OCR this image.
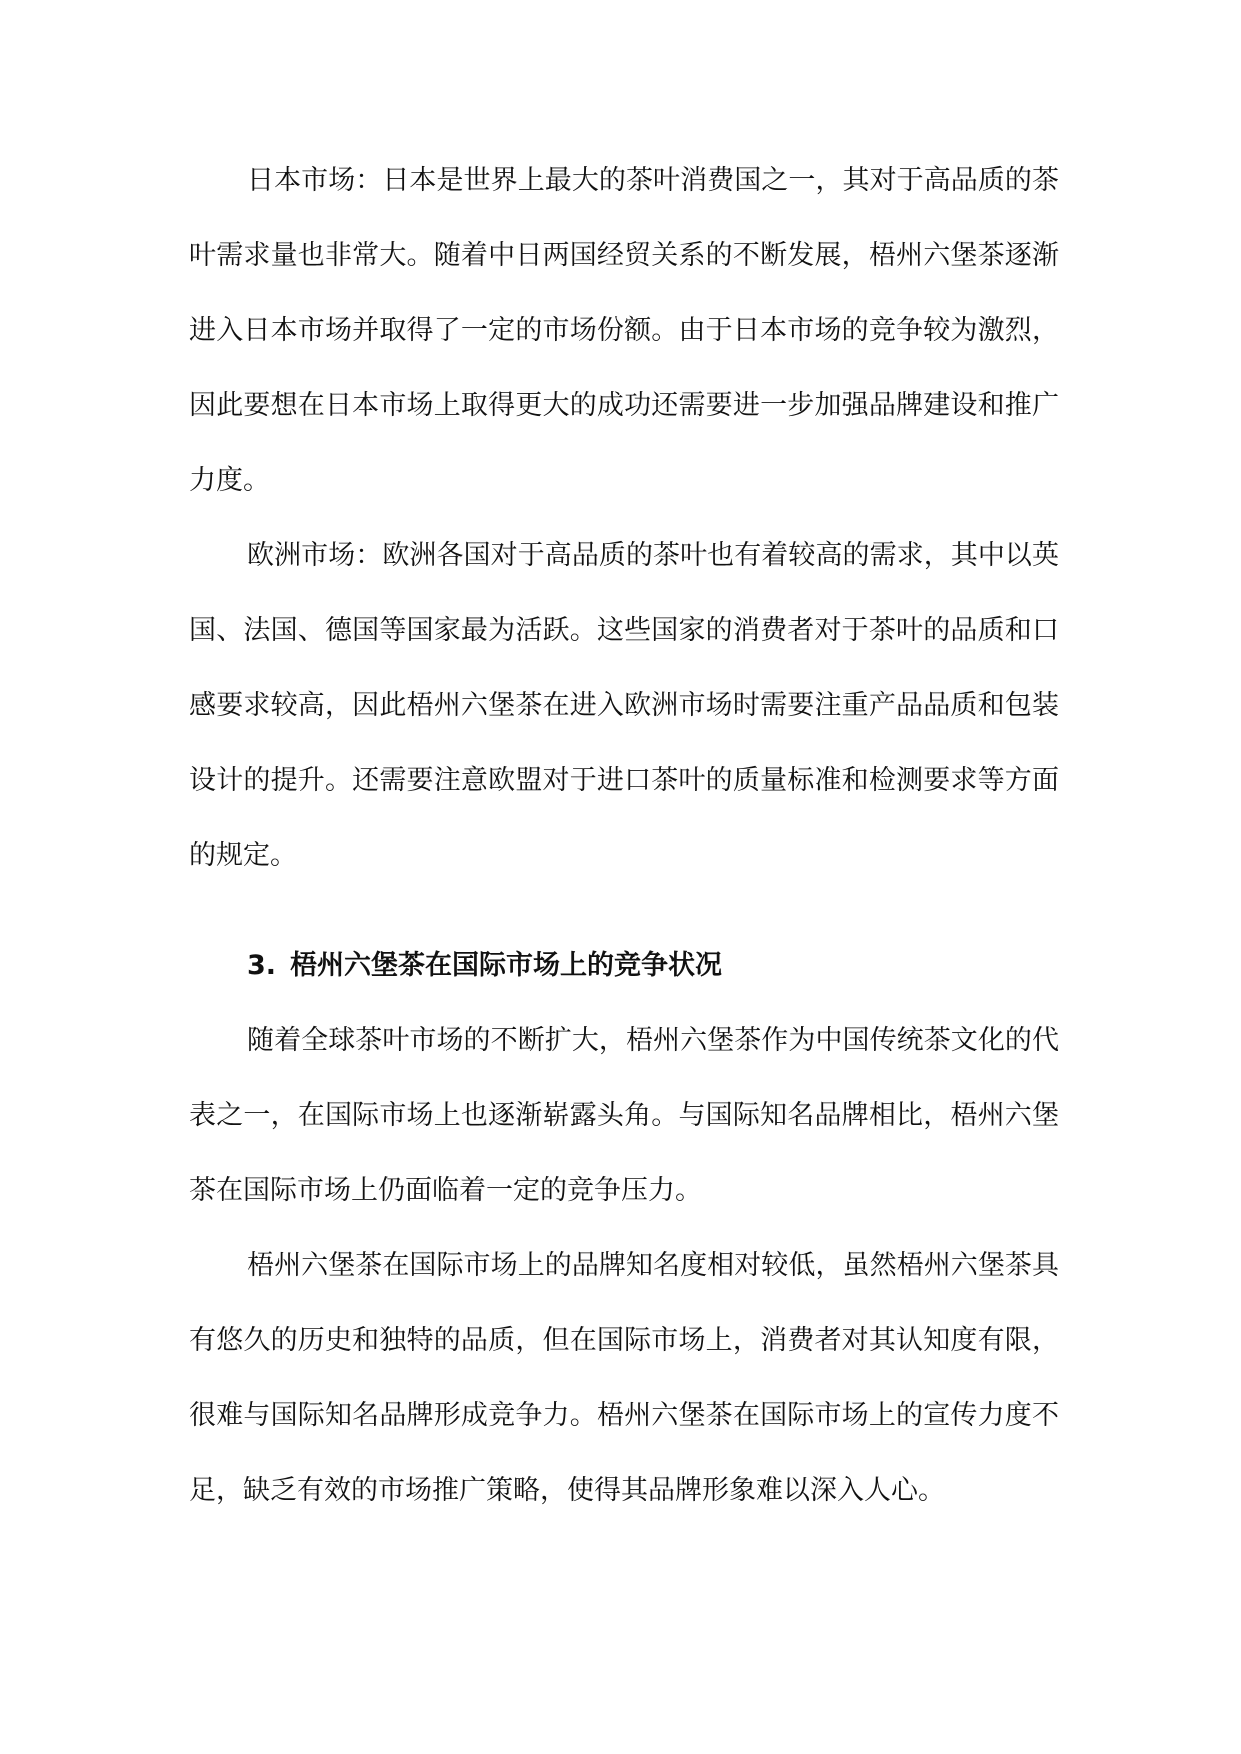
日本市场：日本是世界上最大的茶叶消费国之一，其对于高品质的茶叶需求量也非常大。随着中日两国经贸关系的不断发展，梧州六堡茶逐渐进入日本市场并取得了一定的市场份额。由于日本市场的竞争较为激烈，因此要想在日本市场上取得更大的成功还需要进一步加强品牌建设和推广力度。

欧洲市场：欧洲各国对于高品质的茶叶也有着较高的需求，其中以英国、法国、德国等国家最为活跃。这些国家的消费者对于茶叶的品质和口感要求较高，因此梧州六堡茶在进入欧洲市场时需要注重产品品质和包装设计的提升。还需要注意欧盟对于进口茶叶的质量标准和检测要求等方面的规定。

3. 梧州六堡茶在国际市场上的竞争状况

随着全球茶叶市场的不断扩大，梧州六堡茶作为中国传统茶文化的代表之一，在国际市场上也逐渐崭露头角。与国际知名品牌相比，梧州六堡茶在国际市场上仍面临着一定的竞争压力。

梧州六堡茶在国际市场上的品牌知名度相对较低，虽然梧州六堡茶具有悠久的历史和独特的品质，但在国际市场上，消费者对其认知度有限，很难与国际知名品牌形成竞争力。梧州六堡茶在国际市场上的宣传力度不足，缺乏有效的市场推广策略，使得其品牌形象难以深入人心。
